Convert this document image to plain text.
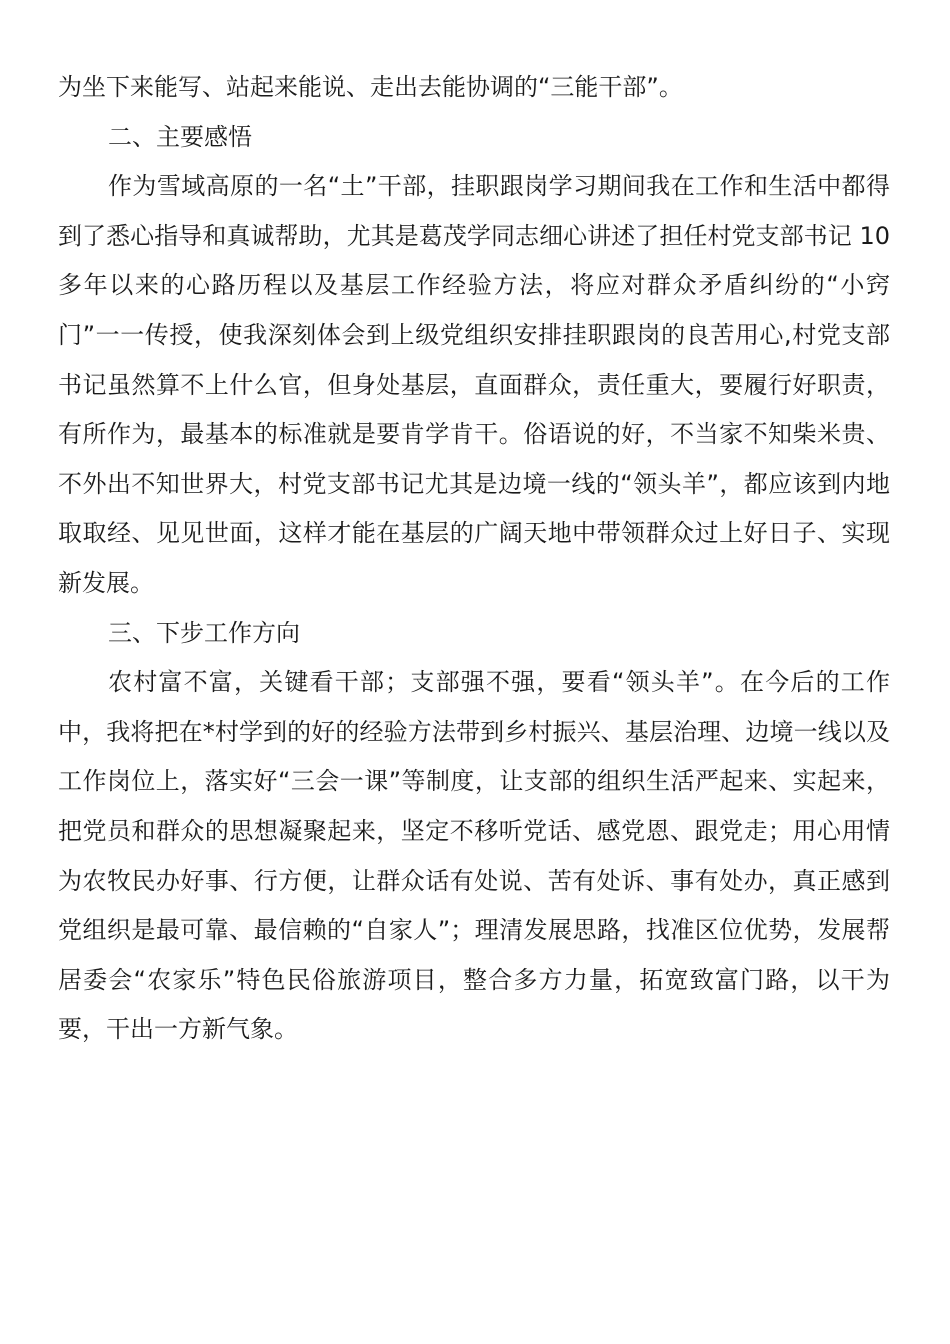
为坐下来能写、站起来能说、走出去能协调的“三能干部”。

二、主要感悟

作为雪域高原的一名“土”干部，挂职跟岗学习期间我在工作和生活中都得到了悉心指导和真诚帮助，尤其是葛茂学同志细心讲述了担任村党支部书记 10 多年以来的心路历程以及基层工作经验方法，将应对群众矛盾纠纷的“小窍门”一一传授，使我深刻体会到上级党组织安排挂职跟岗的良苦用心,村党支部书记虽然算不上什么官，但身处基层，直面群众，责任重大，要履行好职责，有所作为，最基本的标准就是要肯学肯干。俗语说的好，不当家不知柴米贵、不外出不知世界大，村党支部书记尤其是边境一线的“领头羊”，都应该到内地取取经、见见世面，这样才能在基层的广阔天地中带领群众过上好日子、实现新发展。

三、下步工作方向

农村富不富，关键看干部；支部强不强，要看“领头羊”。在今后的工作中，我将把在*村学到的好的经验方法带到乡村振兴、基层治理、边境一线以及工作岗位上，落实好“三会一课”等制度，让支部的组织生活严起来、实起来，把党员和群众的思想凝聚起来，坚定不移听党话、感党恩、跟党走；用心用情为农牧民办好事、行方便，让群众话有处说、苦有处诉、事有处办，真正感到党组织是最可靠、最信赖的“自家人”；理清发展思路，找准区位优势，发展帮居委会“农家乐”特色民俗旅游项目，整合多方力量，拓宽致富门路，以干为要，干出一方新气象。
